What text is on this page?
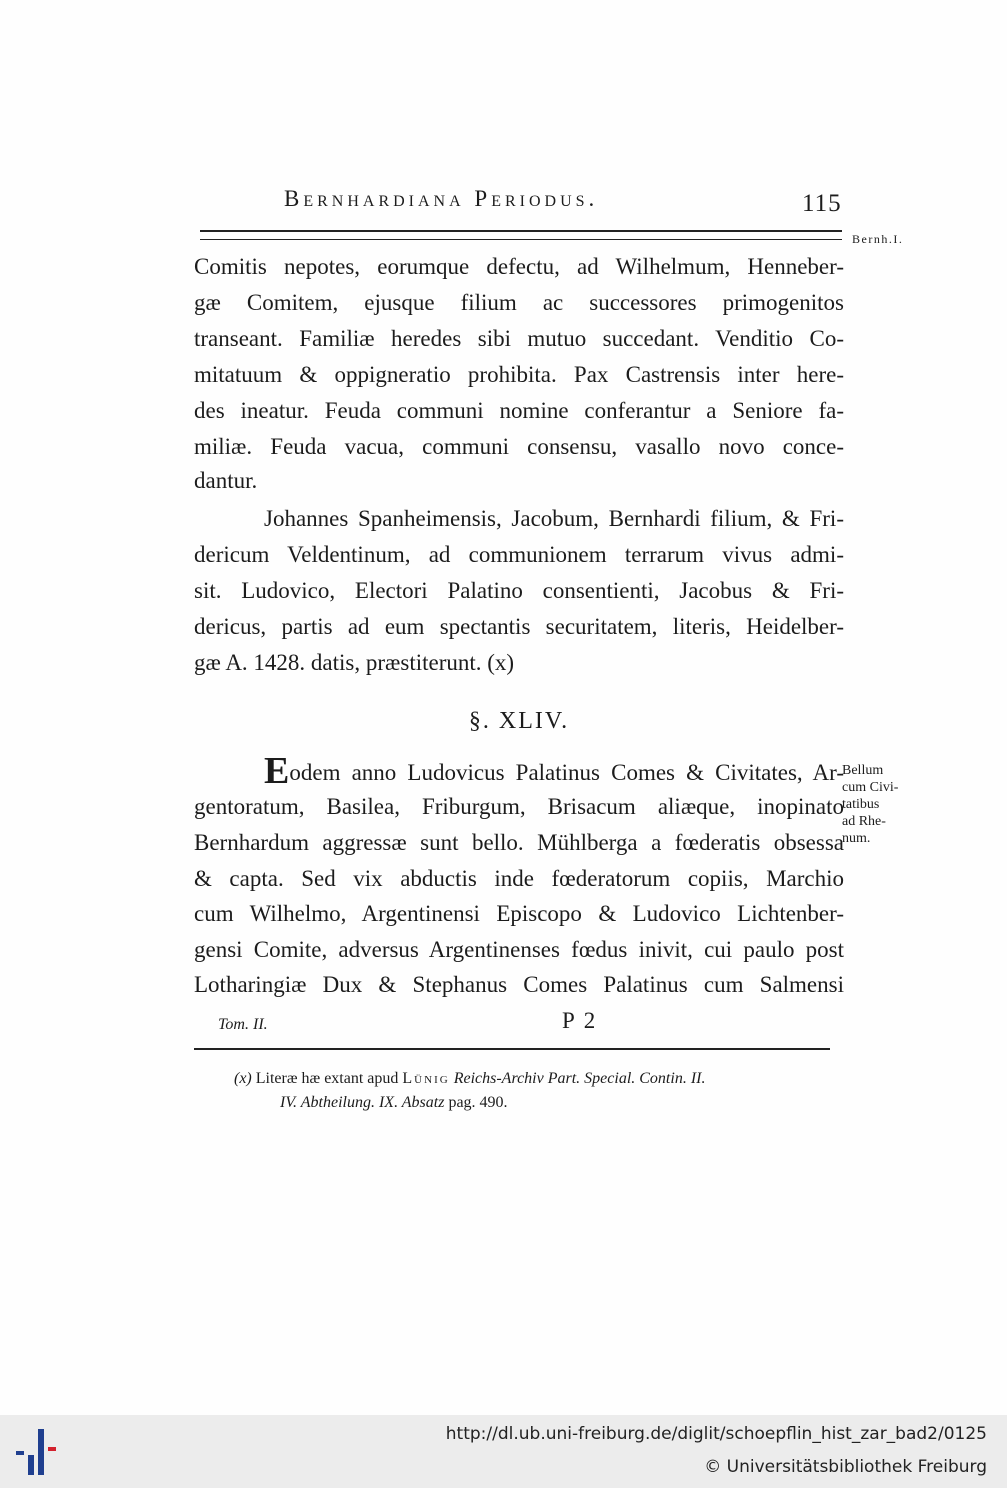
Bernhardiana Periodus.	115
Bernh.I.
Comitis nepotes, eorumque defectu, ad Wilhelmum, Henneber-
gæ Comitem, ejusque filium ac successores primogenitos
transeant. Familiæ heredes sibi mutuo succedant. Venditio Co-
mitatuum & oppigneratio prohibita. Pax Castrensis inter here-
des ineatur. Feuda communi nomine conferantur a Seniore fa-
miliæ. Feuda vacua, communi consensu, vasallo novo conce-
dantur.
Johannes Spanheimensis, Jacobum, Bernhardi filium, & Fri-
dericum Veldentinum, ad communionem terrarum vivus admi-
sit. Ludovico, Electori Palatino consentienti, Jacobus & Fri-
dericus, partis ad eum spectantis securitatem, literis, Heidelber-
gæ A. 1428. datis, præstiterunt. (x)
§. XLIV.
Eodem anno Ludovicus Palatinus Comes & Civitates, Ar-
gentoratum, Basilea, Friburgum, Brisacum aliæque, inopinato
Bernhardum aggressæ sunt bello. Mühlberga a fœderatis obsessa
& capta. Sed vix abductis inde fœderatorum copiis, Marchio
cum Wilhelmo, Argentinensi Episcopo & Ludovico Lichtenber-
gensi Comite, adversus Argentinenses fœdus inivit, cui paulo post
Lotharingiæ Dux & Stephanus Comes Palatinus cum Salmensi
Bellum
cum Civi-
tatibus
ad Rhe-
num.
Tom. II.	P 2
(x) Literæ hæ extant apud Lünig Reichs-Archiv Part. Special. Contin. II.
IV. Abtheilung. IX. Absatz pag. 490.
http://dl.ub.uni-freiburg.de/diglit/schoepflin_hist_zar_bad2/0125
© Universitätsbibliothek Freiburg
